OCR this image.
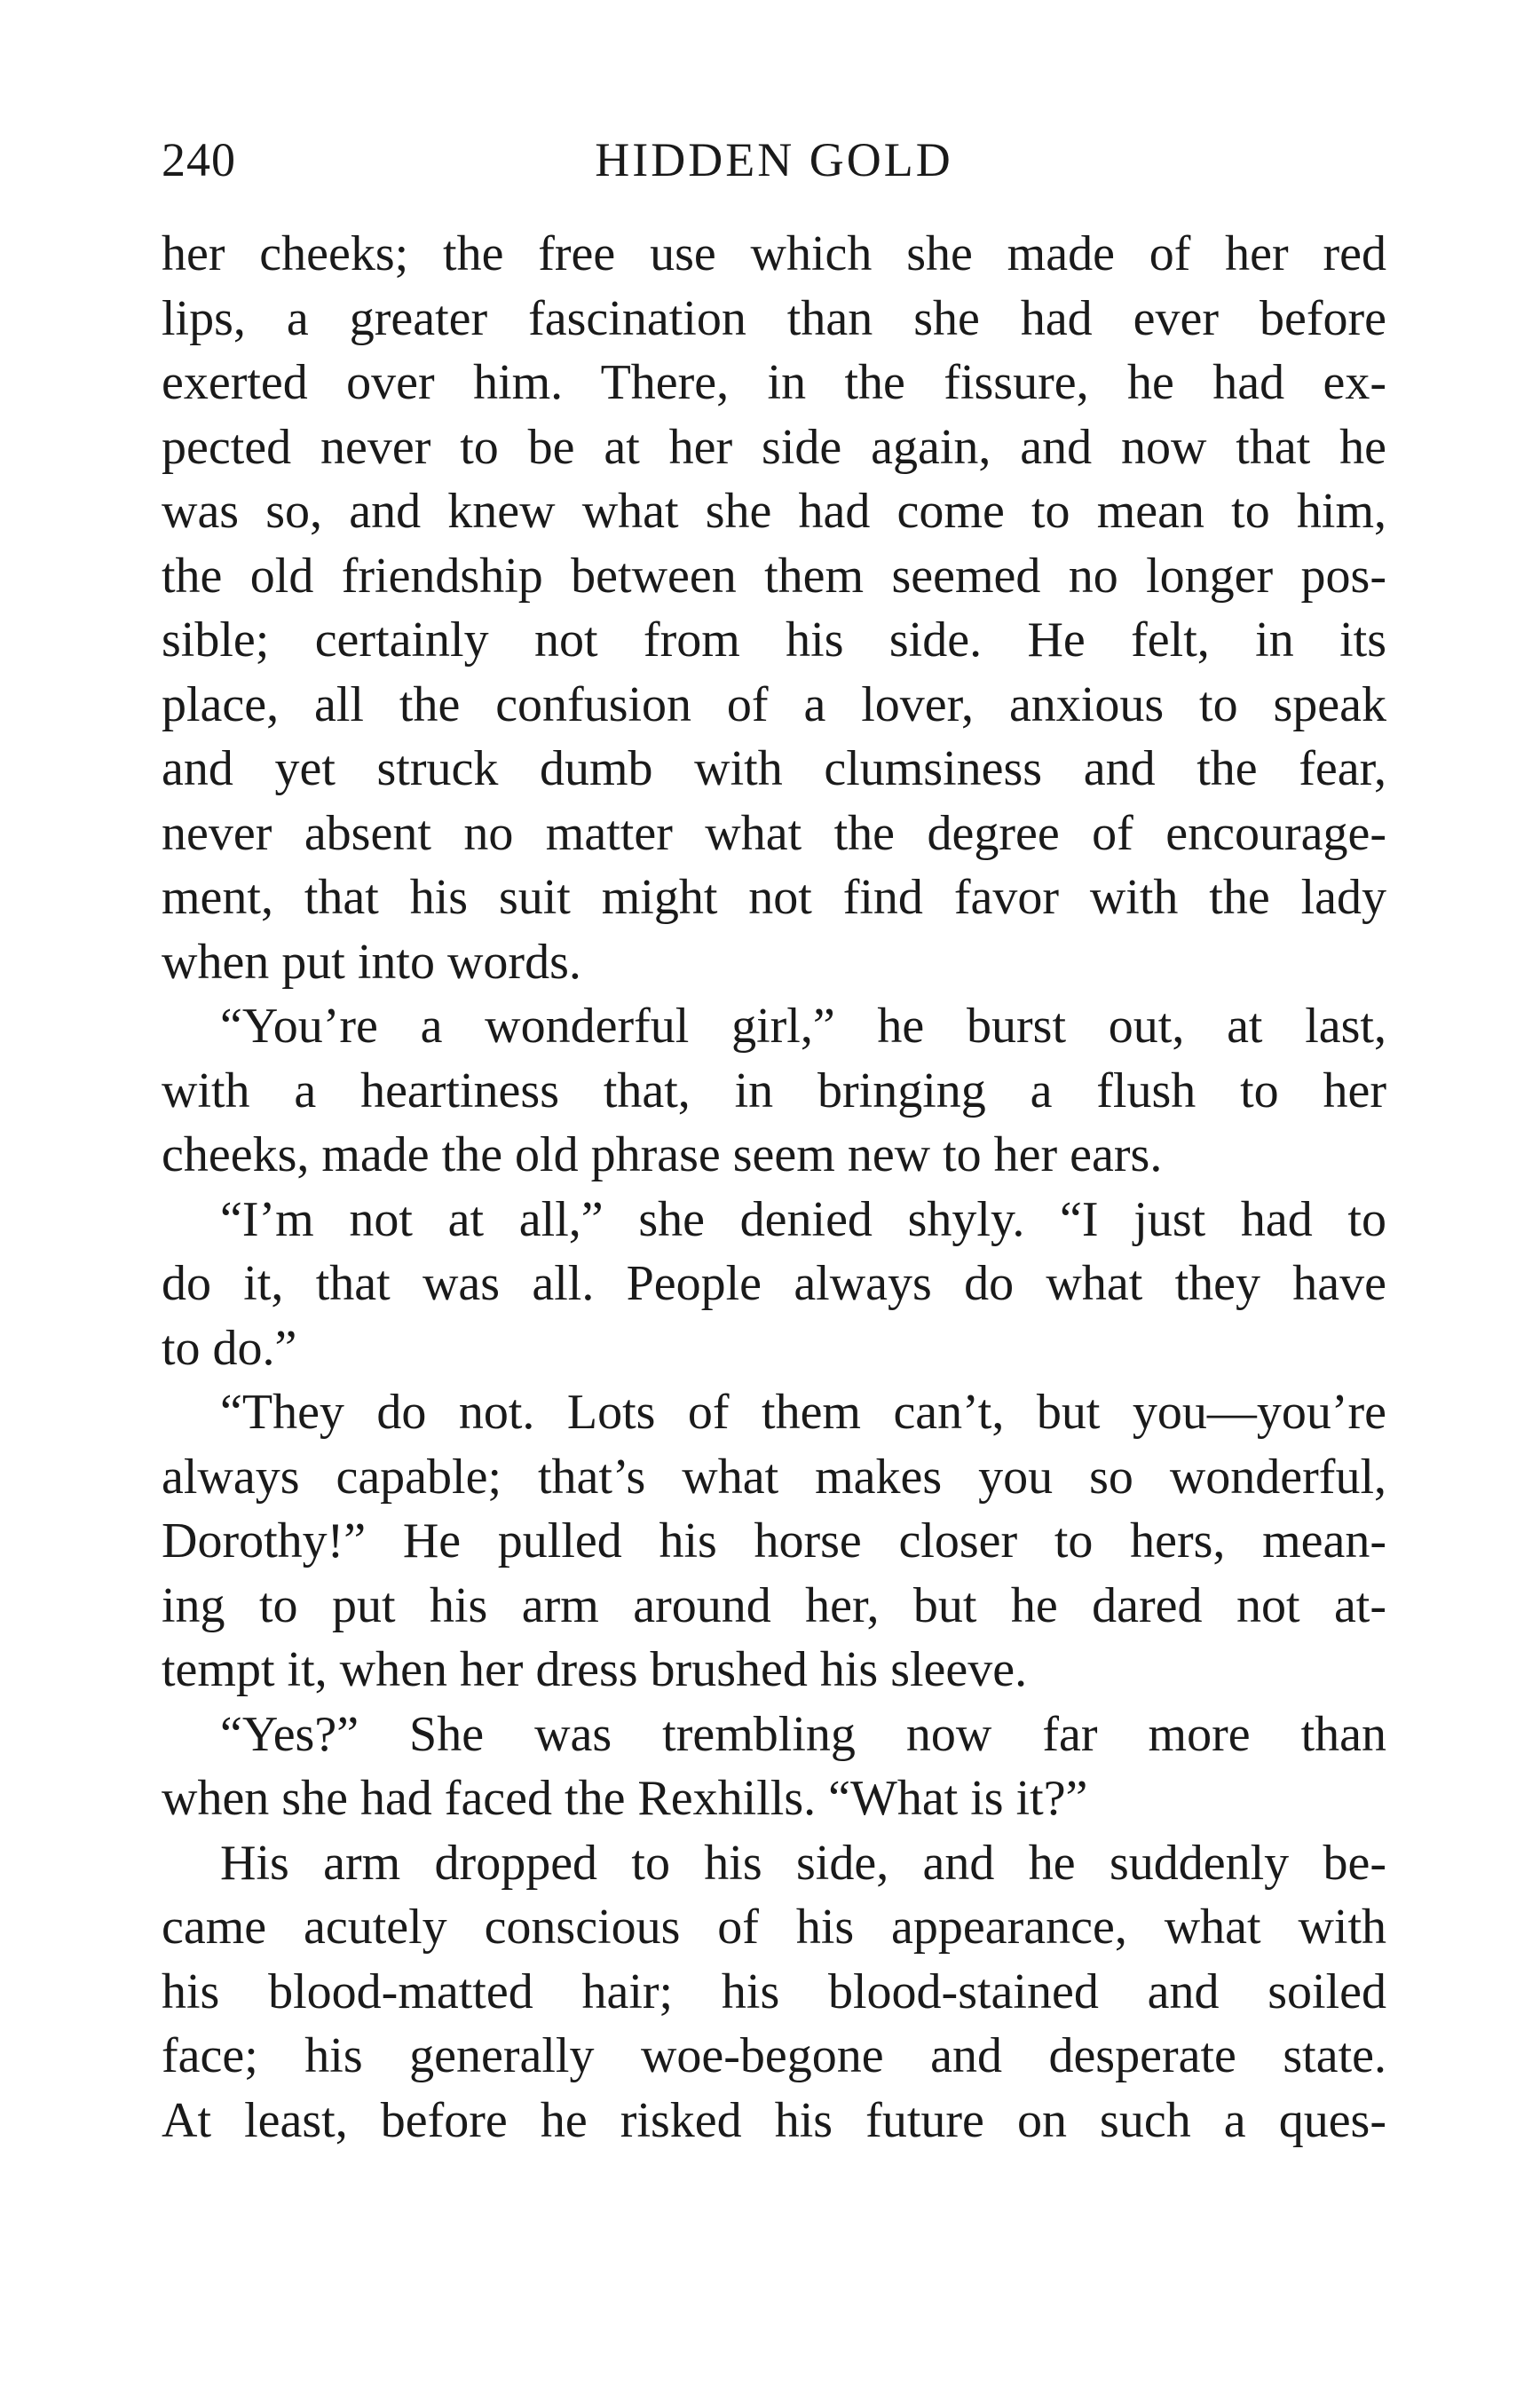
240	HIDDEN GOLD
her cheeks; the free use which she made of her red
lips, a greater fascination than she had ever before
exerted over him. There, in the fissure, he had ex-
pected never to be at her side again, and now that he
was so, and knew what she had come to mean to him,
the old friendship between them seemed no longer pos-
sible; certainly not from his side. He felt, in its
place, all the confusion of a lover, anxious to speak
and yet struck dumb with clumsiness and the fear,
never absent no matter what the degree of encourage-
ment, that his suit might not find favor with the lady
when put into words.
“You’re a wonderful girl,” he burst out, at last,
with a heartiness that, in bringing a flush to her
cheeks, made the old phrase seem new to her ears.
“I’m not at all,” she denied shyly. “I just had to
do it, that was all. People always do what they have
to do.”
“They do not. Lots of them can’t, but you—you’re
always capable; that’s what makes you so wonderful,
Dorothy!” He pulled his horse closer to hers, mean-
ing to put his arm around her, but he dared not at-
tempt it, when her dress brushed his sleeve.
“Yes?” She was trembling now far more than
when she had faced the Rexhills. “What is it?”
His arm dropped to his side, and he suddenly be-
came acutely conscious of his appearance, what with
his blood-matted hair; his blood-stained and soiled
face; his generally woe-begone and desperate state.
At least, before he risked his future on such a ques-
